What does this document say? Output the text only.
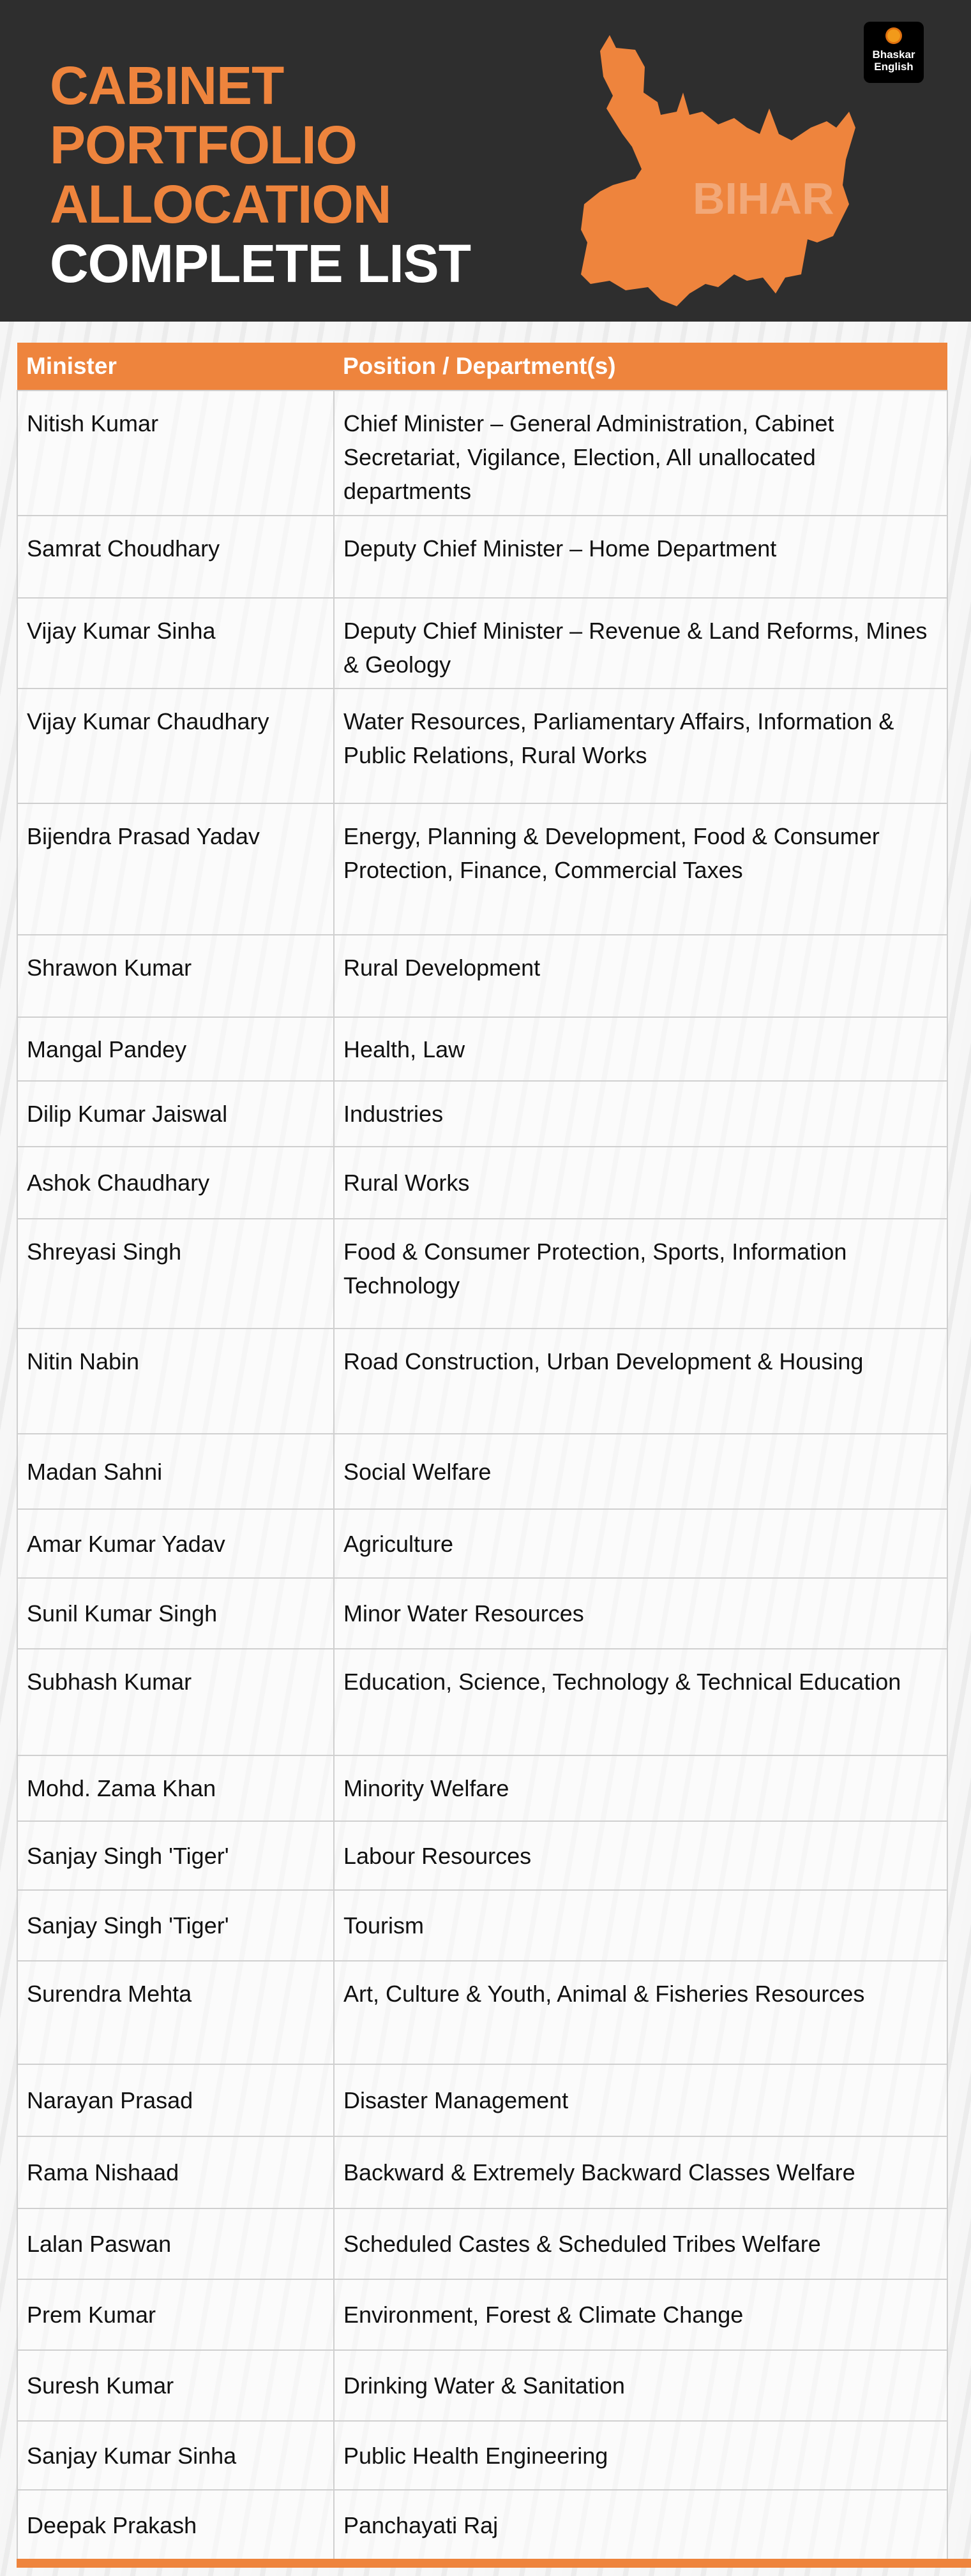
CABINET
PORTFOLIO
ALLOCATION
COMPLETE LIST
BIHAR
Bhaskar
English
Minister	Position / Department(s)
Nitish Kumar	Chief Minister – General Administration, Cabinet Secretariat, Vigilance, Election, All unallocated departments
Samrat Choudhary	Deputy Chief Minister – Home Department
Vijay Kumar Sinha	Deputy Chief Minister – Revenue & Land Reforms, Mines & Geology
Vijay Kumar Chaudhary	Water Resources, Parliamentary Affairs, Information & Public Relations, Rural Works
Bijendra Prasad Yadav	Energy, Planning & Development, Food & Consumer Protection, Finance, Commercial Taxes
Shrawon Kumar	Rural Development
Mangal Pandey	Health, Law
Dilip Kumar Jaiswal	Industries
Ashok Chaudhary	Rural Works
Shreyasi Singh	Food & Consumer Protection, Sports, Information Technology
Nitin Nabin	Road Construction, Urban Development & Housing
Madan Sahni	Social Welfare
Amar Kumar Yadav	Agriculture
Sunil Kumar Singh	Minor Water Resources
Subhash Kumar	Education, Science, Technology & Technical Education
Mohd. Zama Khan	Minority Welfare
Sanjay Singh 'Tiger'	Labour Resources
Sanjay Singh 'Tiger'	Tourism
Surendra Mehta	Art, Culture & Youth, Animal & Fisheries Resources
Narayan Prasad	Disaster Management
Rama Nishaad	Backward & Extremely Backward Classes Welfare
Lalan Paswan	Scheduled Castes & Scheduled Tribes Welfare
Prem Kumar	Environment, Forest & Climate Change
Suresh Kumar	Drinking Water & Sanitation
Sanjay Kumar Sinha	Public Health Engineering
Deepak Prakash	Panchayati Raj
